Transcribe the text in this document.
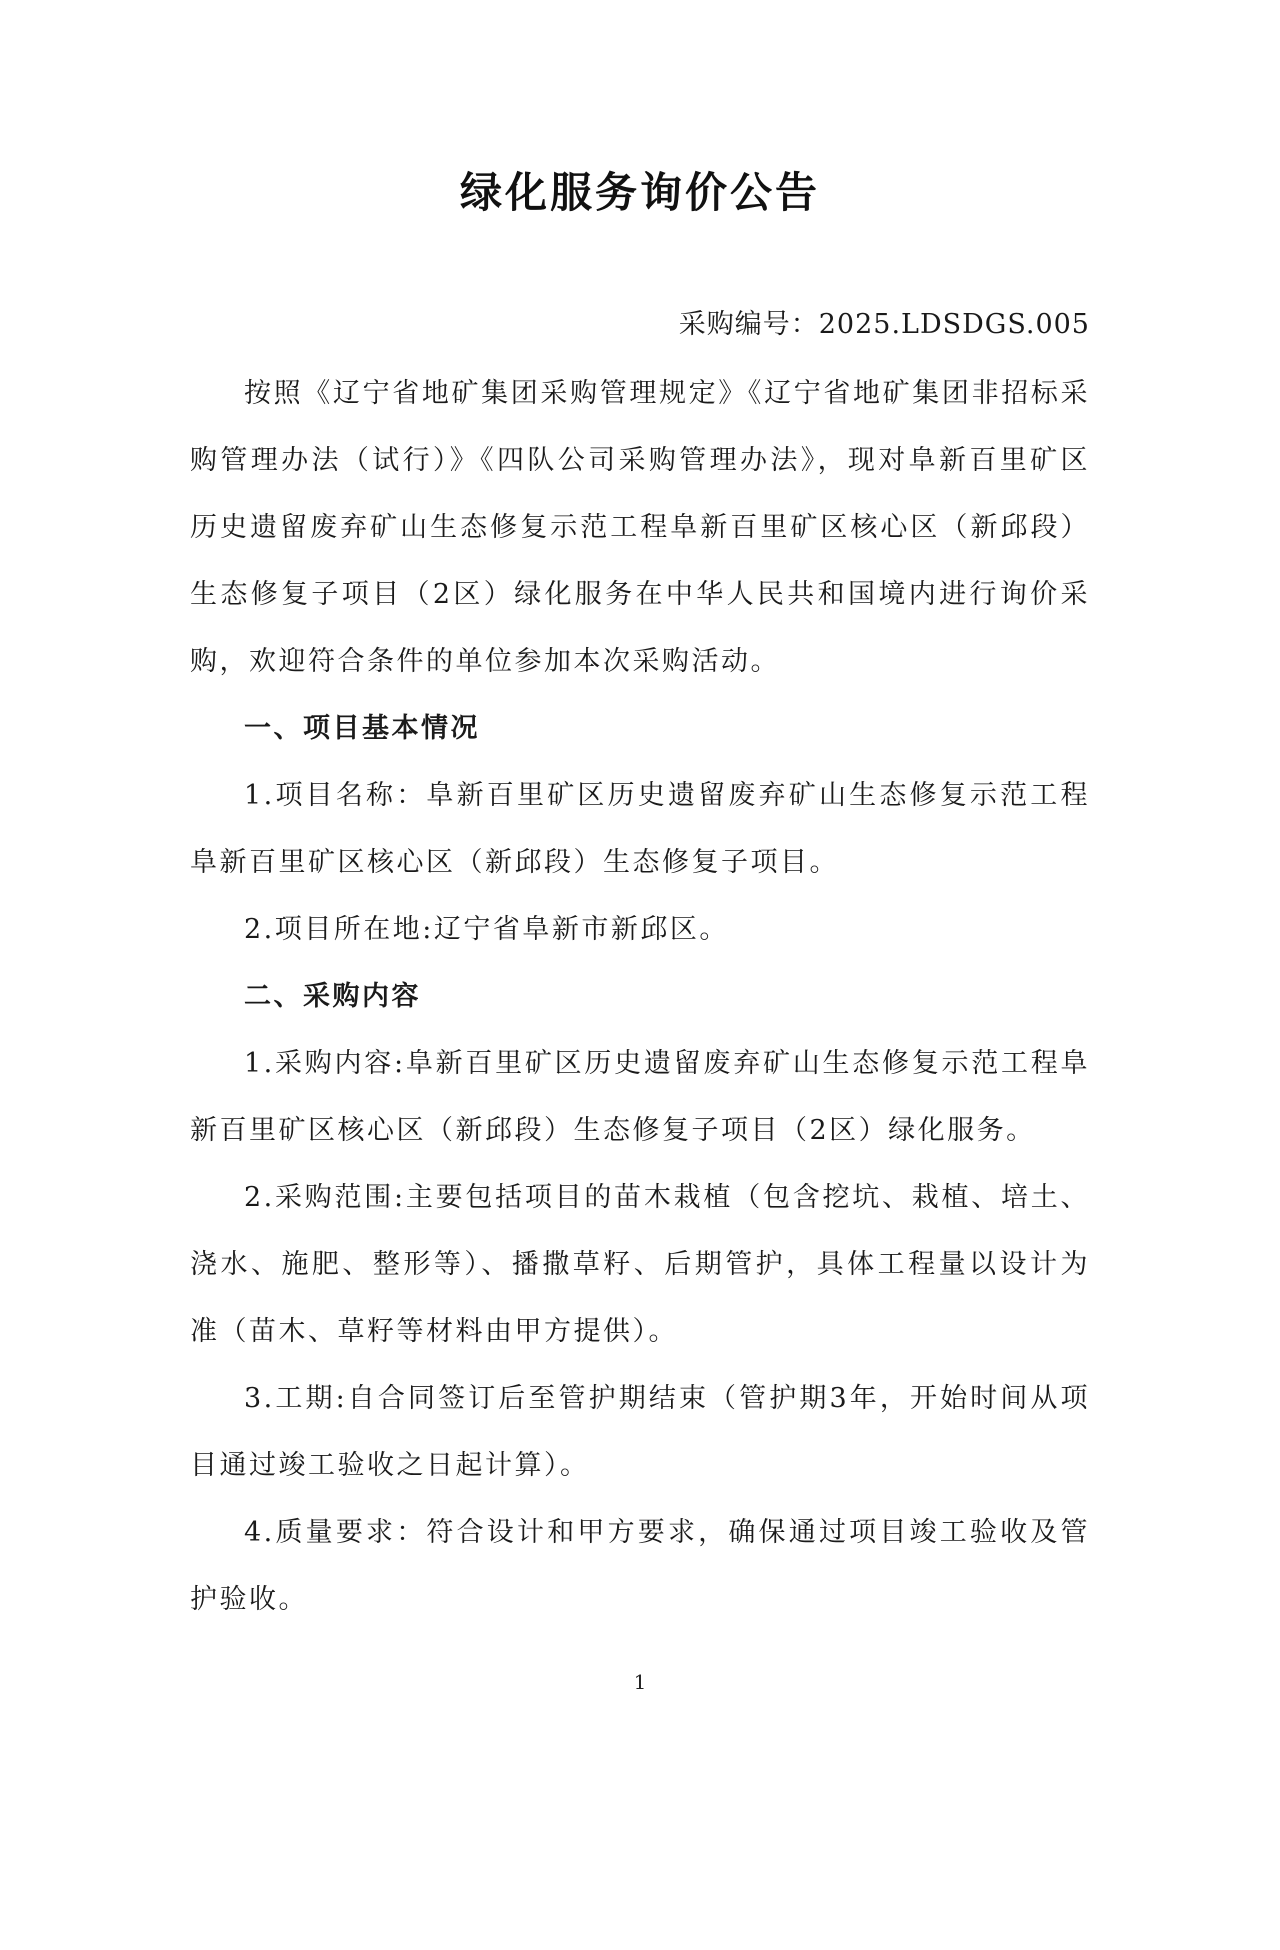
绿化服务询价公告
采购编号：2025.LDSDGS.005

按照《辽宁省地矿集团采购管理规定》《辽宁省地矿集团非招标采购管理办法（试行）》《四队公司采购管理办法》，现对阜新百里矿区历史遗留废弃矿山生态修复示范工程阜新百里矿区核心区（新邱段）生态修复子项目（2区）绿化服务在中华人民共和国境内进行询价采购，欢迎符合条件的单位参加本次采购活动。

一、项目基本情况

1.项目名称：阜新百里矿区历史遗留废弃矿山生态修复示范工程阜新百里矿区核心区（新邱段）生态修复子项目。

2.项目所在地:辽宁省阜新市新邱区。

二、采购内容

1.采购内容:阜新百里矿区历史遗留废弃矿山生态修复示范工程阜新百里矿区核心区（新邱段）生态修复子项目（2区）绿化服务。

2.采购范围:主要包括项目的苗木栽植（包含挖坑、栽植、培土、浇水、施肥、整形等）、播撒草籽、后期管护，具体工程量以设计为准（苗木、草籽等材料由甲方提供）。

3.工期:自合同签订后至管护期结束（管护期3年，开始时间从项目通过竣工验收之日起计算）。

4.质量要求：符合设计和甲方要求，确保通过项目竣工验收及管护验收。

1
